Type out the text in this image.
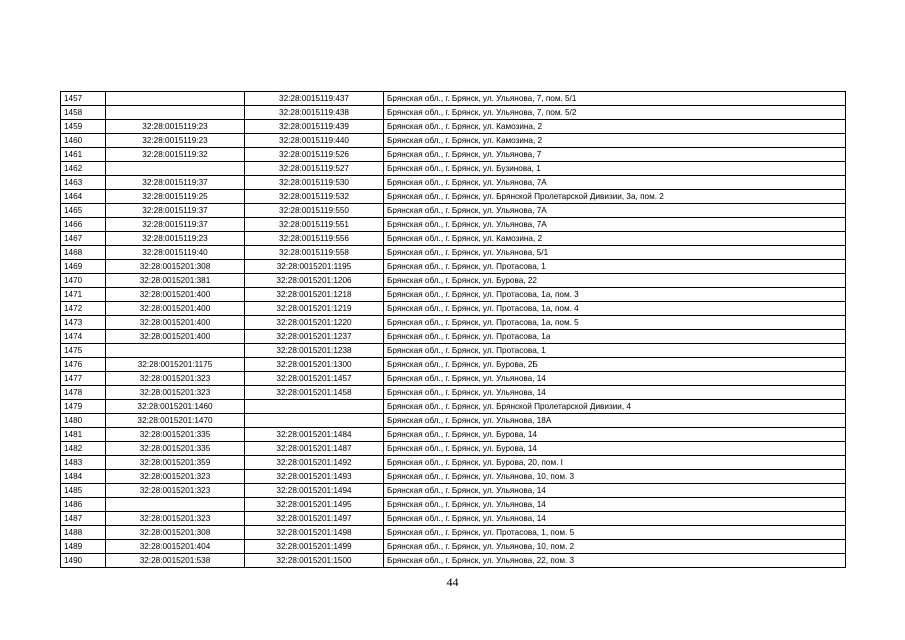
1457		32:28:0015119:437	Брянская обл., г. Брянск, ул. Ульянова, 7, пом. 5/1
1458		32:28:0015119:438	Брянская обл., г. Брянск, ул. Ульянова, 7, пом. 5/2
1459	32:28:0015119:23	32:28:0015119:439	Брянская обл., г. Брянск, ул. Камозина, 2
1460	32:28:0015119:23	32:28:0015119:440	Брянская обл., г. Брянск, ул. Камозина, 2
1461	32:28:0015119:32	32:28:0015119:526	Брянская обл., г. Брянск, ул. Ульянова, 7
1462		32:28:0015119:527	Брянская обл., г. Брянск, ул. Бузинова, 1
1463	32:28:0015119:37	32:28:0015119:530	Брянская обл., г. Брянск, ул. Ульянова, 7А
1464	32:28:0015119:25	32:28:0015119:532	Брянская обл., г. Брянск, ул. Брянской Пролетарской Дивизии, 3а, пом. 2
1465	32:28:0015119:37	32:28:0015119:550	Брянская обл., г. Брянск, ул. Ульянова, 7А
1466	32:28:0015119:37	32:28:0015119:551	Брянская обл., г. Брянск, ул. Ульянова, 7А
1467	32:28:0015119:23	32:28:0015119:556	Брянская обл., г. Брянск, ул. Камозина, 2
1468	32:28:0015119:40	32:28:0015119:558	Брянская обл., г. Брянск, ул. Ульянова, 5/1
1469	32:28:0015201:308	32:28:0015201:1195	Брянская обл., г. Брянск, ул. Протасова, 1
1470	32:28:0015201:381	32:28:0015201:1206	Брянская обл., г. Брянск, ул. Бурова, 22
1471	32:28:0015201:400	32:28:0015201:1218	Брянская обл., г. Брянск, ул. Протасова, 1а, пом. 3
1472	32:28:0015201:400	32:28:0015201:1219	Брянская обл., г. Брянск, ул. Протасова, 1а, пом. 4
1473	32:28:0015201:400	32:28:0015201:1220	Брянская обл., г. Брянск, ул. Протасова, 1а, пом. 5
1474	32:28:0015201:400	32:28:0015201:1237	Брянская обл., г. Брянск, ул. Протасова, 1а
1475		32:28:0015201:1238	Брянская обл., г. Брянск, ул. Протасова, 1
1476	32:28:0015201:1175	32:28:0015201:1300	Брянская обл., г. Брянск, ул. Бурова, 2Б
1477	32:28:0015201:323	32:28:0015201:1457	Брянская обл., г. Брянск, ул. Ульянова, 14
1478	32:28:0015201:323	32:28:0015201:1458	Брянская обл., г. Брянск, ул. Ульянова, 14
1479	32:28:0015201:1460		Брянская обл., г. Брянск, ул. Брянской Пролетарской Дивизии, 4
1480	32:28:0015201:1470		Брянская обл., г. Брянск, ул. Ульянова, 18А
1481	32:28:0015201:335	32:28:0015201:1484	Брянская обл., г. Брянск, ул. Бурова, 14
1482	32:28:0015201:335	32:28:0015201:1487	Брянская обл., г. Брянск, ул. Бурова, 14
1483	32:28:0015201:359	32:28:0015201:1492	Брянская обл., г. Брянск, ул. Бурова, 20, пом. I
1484	32:28:0015201:323	32:28:0015201:1493	Брянская обл., г. Брянск, ул. Ульянова, 10, пом. 3
1485	32:28:0015201:323	32:28:0015201:1494	Брянская обл., г. Брянск, ул. Ульянова, 14
1486		32:28:0015201:1495	Брянская обл., г. Брянск, ул. Ульянова, 14
1487	32:28:0015201:323	32:28:0015201:1497	Брянская обл., г. Брянск, ул. Ульянова, 14
1488	32:28:0015201:308	32:28:0015201:1498	Брянская обл., г. Брянск, ул. Протасова, 1, пом. 5
1489	32:28:0015201:404	32:28:0015201:1499	Брянская обл., г. Брянск, ул. Ульянова, 10, пом. 2
1490	32:28:0015201:538	32:28:0015201:1500	Брянская обл., г. Брянск, ул. Ульянова, 22, пом. 3
44
